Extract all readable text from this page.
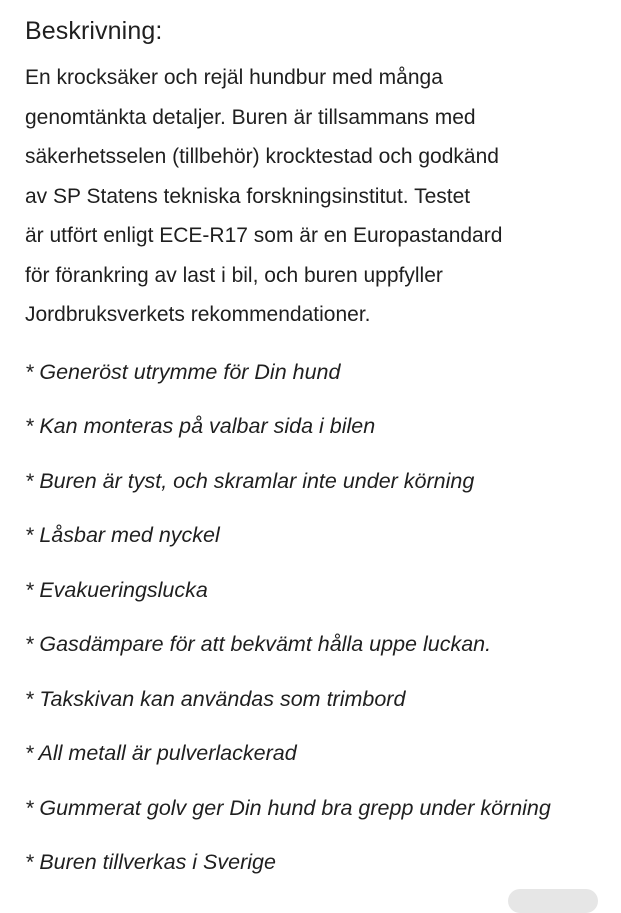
Beskrivning:

En krocksäker och rejäl hundbur med många
genomtänkta detaljer. Buren är tillsammans med
säkerhetsselen (tillbehör) krocktestad och godkänd
av SP Statens tekniska forskningsinstitut. Testet
är utfört enligt ECE-R17 som är en Europastandard
för förankring av last i bil, och buren uppfyller
Jordbruksverkets rekommendationer.

* Generöst utrymme för Din hund
* Kan monteras på valbar sida i bilen
* Buren är tyst, och skramlar inte under körning
* Låsbar med nyckel
* Evakueringslucka
* Gasdämpare för att bekvämt hålla uppe luckan.
* Takskivan kan användas som trimbord
* All metall är pulverlackerad
* Gummerat golv ger Din hund bra grepp under körning
* Buren tillverkas i Sverige
